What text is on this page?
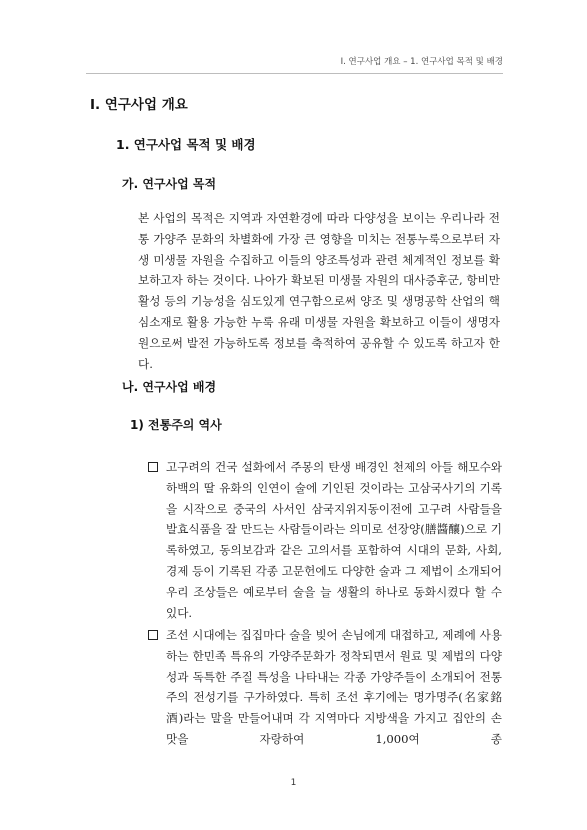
I. 연구사업 개요 – 1. 연구사업 목적 및 배경
Ⅰ. 연구사업 개요
1. 연구사업 목적 및 배경
가. 연구사업 목적
본 사업의 목적은 지역과 자연환경에 따라 다양성을 보이는 우리나라 전통 가양주 문화의 차별화에 가장 큰 영향을 미치는 전통누룩으로부터 자생 미생물 자원을 수집하고 이들의 양조특성과 관련 체계적인 정보를 확보하고자 하는 것이다. 나아가 확보된 미생물 자원의 대사증후군, 항비만 활성 등의 기능성을 심도있게 연구함으로써 양조 및 생명공학 산업의 핵심소재로 활용 가능한 누룩 유래 미생물 자원을 확보하고 이들이 생명자원으로써 발전 가능하도록 정보를 축적하여 공유할 수 있도록 하고자 한다.
나. 연구사업 배경
1) 전통주의 역사
고구려의 건국 설화에서 주몽의 탄생 배경인 천제의 아들 해모수와 하백의 딸 유화의 인연이 술에 기인된 것이라는 고삼국사기의 기록을 시작으로 중국의 사서인 삼국지위지동이전에 고구려 사람들을 발효식품을 잘 만드는 사람들이라는 의미로 선장양(膳醬釀)으로 기록하였고, 동의보감과 같은 고의서를 포함하여 시대의 문화, 사회, 경제 등이 기록된 각종 고문헌에도 다양한 술과 그 제법이 소개되어 우리 조상들은 예로부터 술을 늘 생활의 하나로 동화시켰다 할 수 있다.
조선 시대에는 집집마다 술을 빚어 손님에게 대접하고, 제례에 사용하는 한민족 특유의 가양주문화가 정착되면서 원료 및 제법의 다양성과 독특한 주질 특성을 나타내는 각종 가양주들이 소개되어 전통주의 전성기를 구가하였다. 특히 조선 후기에는 명가명주(名家銘酒)라는 말을 만들어내며 각 지역마다 지방색을 가지고 집안의 손맛을 자랑하여 1,000여 종
1
